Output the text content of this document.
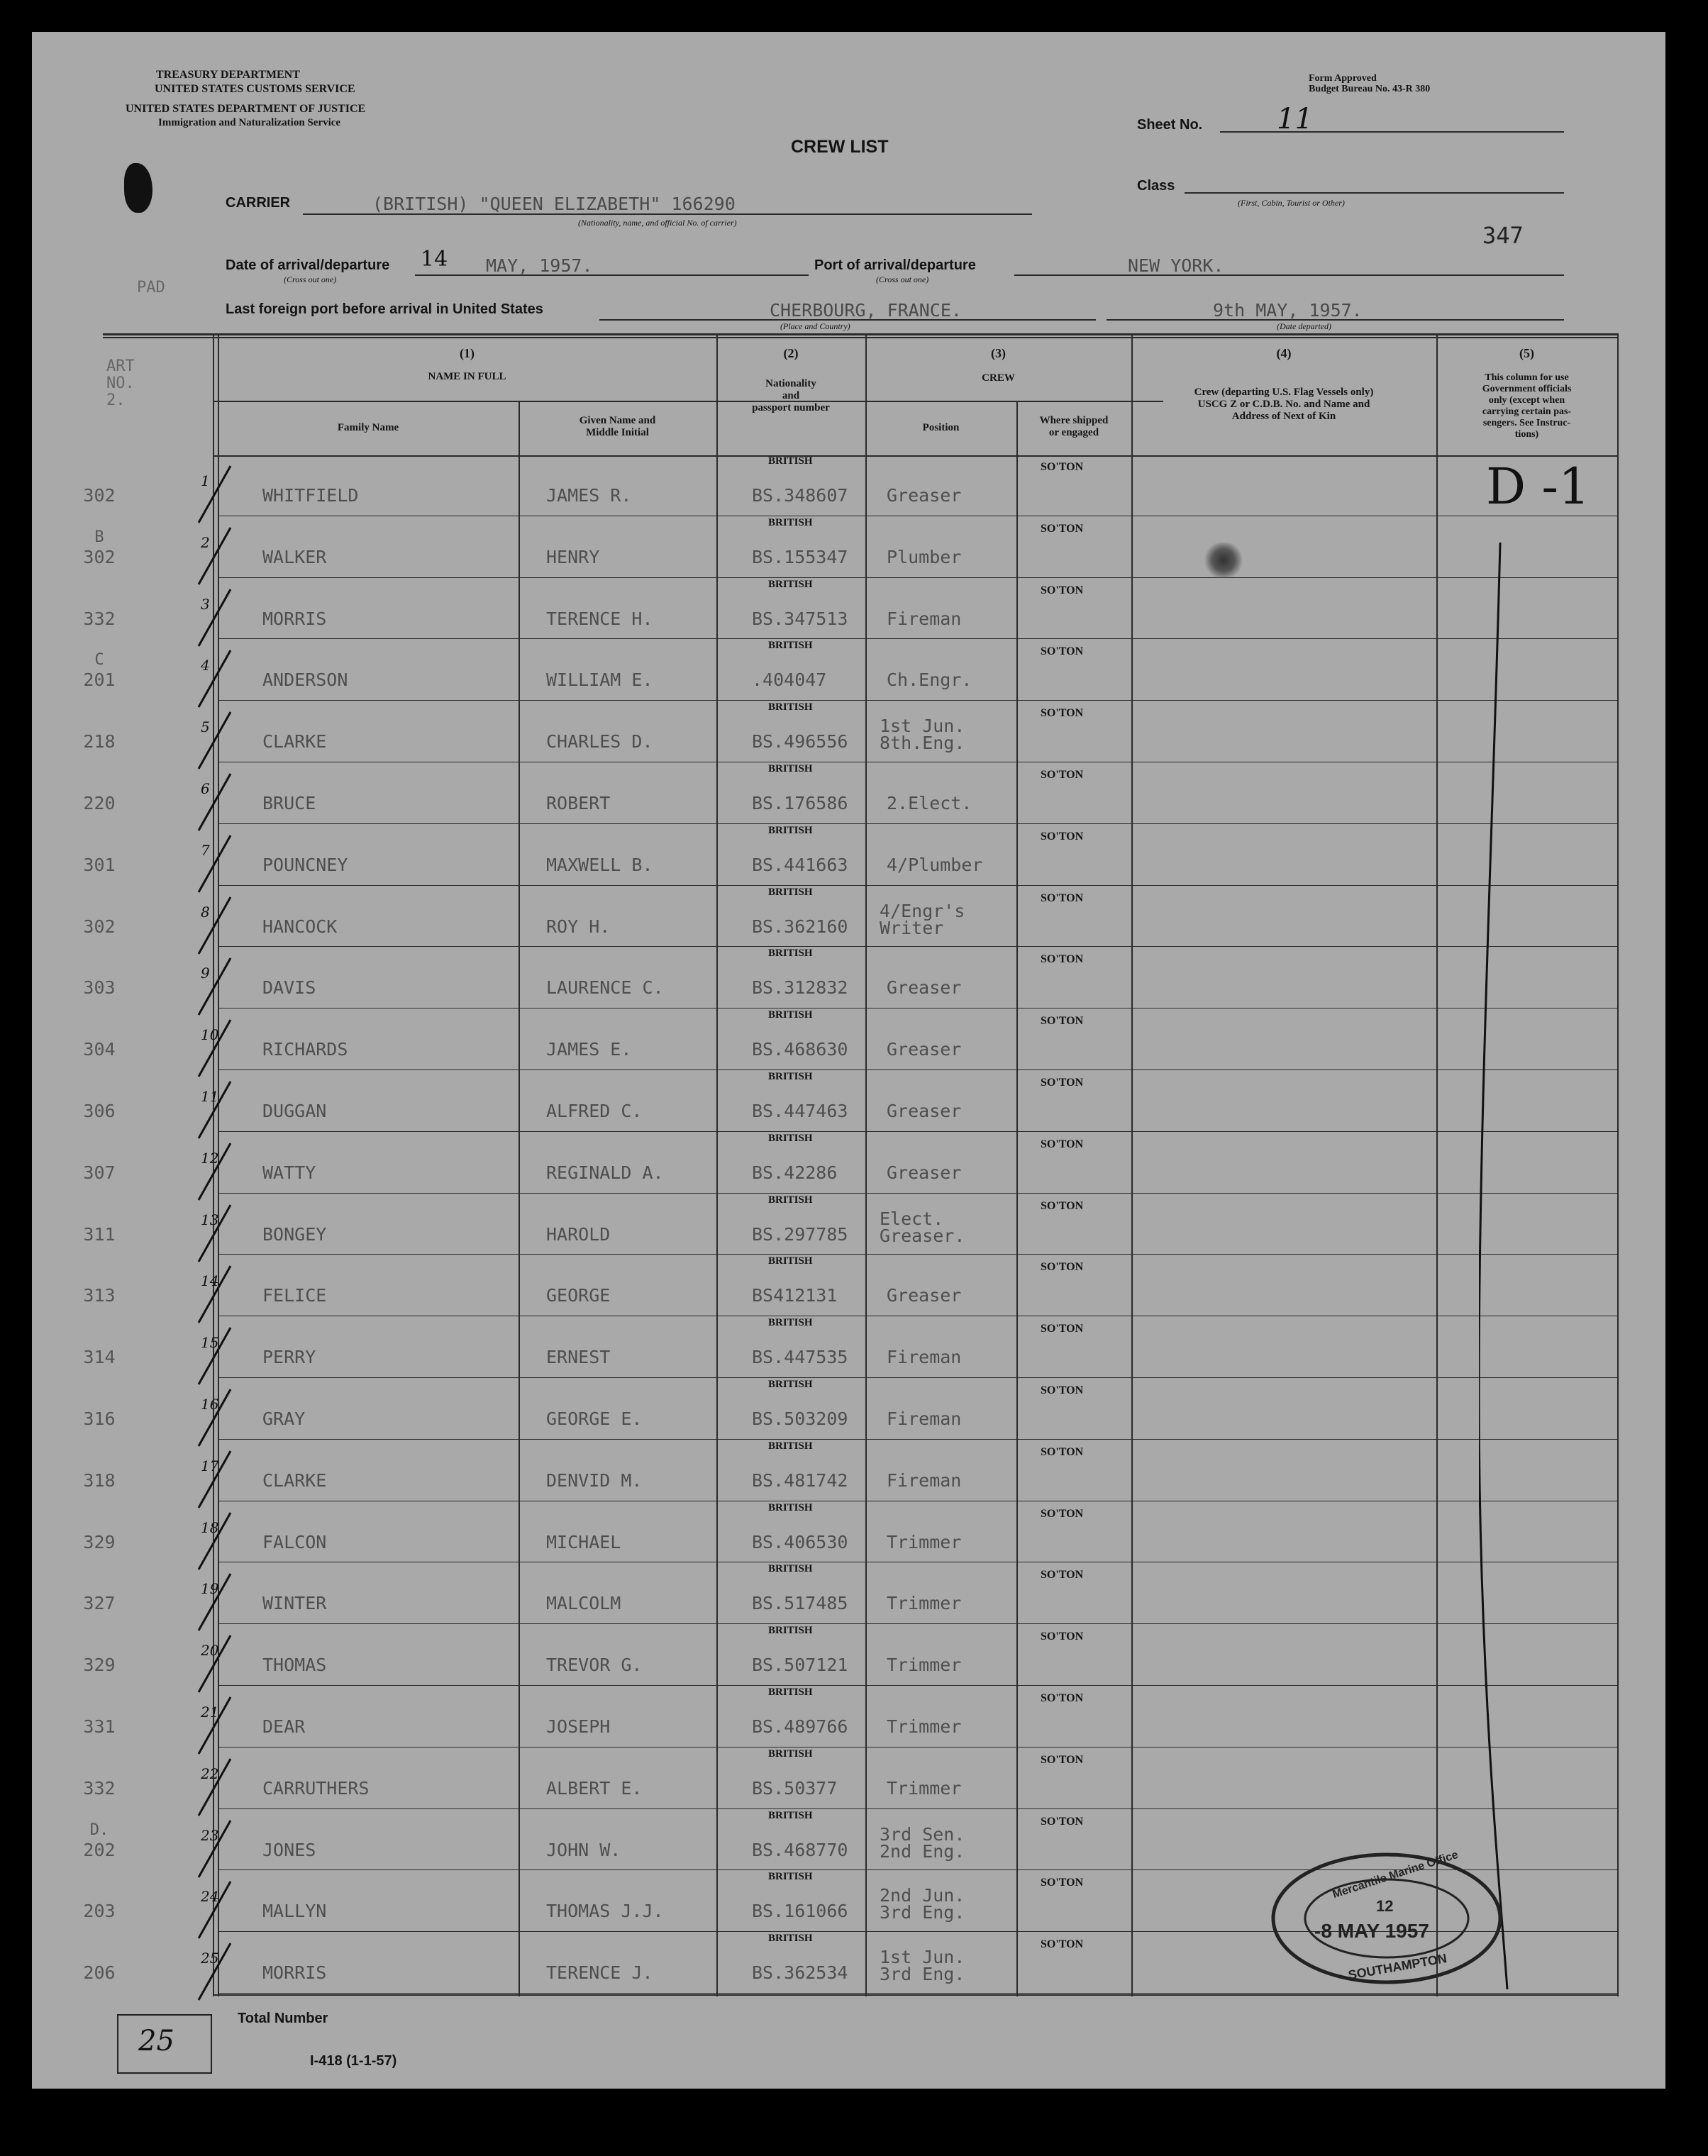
TREASURY DEPARTMENT
UNITED STATES CUSTOMS SERVICE
UNITED STATES DEPARTMENT OF JUSTICE
Immigration and Naturalization Service
Form Approved
Budget Bureau No. 43-R 380
CREW LIST
Sheet No.	11
Class
(First, Cabin, Tourist or Other)
CARRIER	(BRITISH) "QUEEN ELIZABETH" 166290
(Nationality, name, and official No. of carrier)	347
PAD
Date of arrival/departure
(Cross out one)
14 MAY, 1957.	Port of arrival/departure
(Cross out one)
NEW YORK.
Last foreign port before arrival in United States	CHERBOURG, FRANCE.
(Place and Country)
9th MAY, 1957.
(Date departed)
ART
NO.
2.
(1)
NAME IN FULL
Family Name
Given Name and
Middle Initial
(2)
Nationality
and
passport number
(3)
CREW
Position
Where shipped
or engaged
(4)
Crew (departing U.S. Flag Vessels only)
USCG Z or C.D.B. No. and Name and
Address of Next of Kin
(5)
This column for use
Government officials
only (except when
carrying certain pas-
sengers. See Instruc-
tions)
BRITISH	SO'TON
1
302	WHITFIELD	JAMES R.	BS.348607 Greaser
BRITISH	SO'TON
2
B
302	WALKER	HENRY	BS.155347 Plumber
BRITISH	SO'TON
3
332	MORRIS	TERENCE H.	BS.347513 Fireman
BRITISH	SO'TON
4
C
201	ANDERSON	WILLIAM E.	.404047	Ch.Engr.
BRITISH	SO'TON
5
218	CLARKE	CHARLES D.	BS.496556
1st Jun.
8th.Eng.
BRITISH	SO'TON
6
220	BRUCE	ROBERT	BS.176586 2.Elect.
BRITISH	SO'TON
7
301	POUNCNEY	MAXWELL B.	BS.441663 4/Plumber
BRITISH	SO'TON
8
302	HANCOCK	ROY H.	BS.362160
4/Engr's
Writer
BRITISH	SO'TON
9
303	DAVIS	LAURENCE C.	BS.312832 Greaser
BRITISH	SO'TON
10
304	RICHARDS	JAMES E.	BS.468630 Greaser
BRITISH	SO'TON
11
306	DUGGAN	ALFRED C.	BS.447463 Greaser
BRITISH	SO'TON
12
307	WATTY	REGINALD A.	BS.42286	Greaser
BRITISH	SO'TON
13
311	BONGEY	HAROLD	BS.297785
Elect.
Greaser.
BRITISH	SO'TON
14
313	FELICE	GEORGE	BS412131	Greaser
BRITISH	SO'TON
15
314	PERRY	ERNEST	BS.447535 Fireman
BRITISH	SO'TON
16
316	GRAY	GEORGE E.	BS.503209 Fireman
BRITISH	SO'TON
17
318	CLARKE	DENVID M.	BS.481742 Fireman
BRITISH	SO'TON
18
329	FALCON	MICHAEL	BS.406530 Trimmer
BRITISH	SO'TON
19
327	WINTER	MALCOLM	BS.517485 Trimmer
BRITISH	SO'TON
20
329	THOMAS	TREVOR G.	BS.507121 Trimmer
BRITISH	SO'TON
21
331	DEAR	JOSEPH	BS.489766 Trimmer
BRITISH	SO'TON
22
332	CARRUTHERS	ALBERT E.	BS.50377	Trimmer
BRITISH	SO'TON
23
D.
202	JONES	JOHN W.	BS.468770
3rd Sen.
2nd Eng.
BRITISH	SO'TON
24
203	MALLYN	THOMAS J.J.	BS.161066
2nd Jun.
3rd Eng.
BRITISH	SO'TON
25
206	MORRIS	TERENCE J.	BS.362534
1st Jun.
3rd Eng.
D -1
Mercantile Marine Office
12
-8 MAY 1957
SOUTHAMPTON
25
Total Number
I-418 (1-1-57)
